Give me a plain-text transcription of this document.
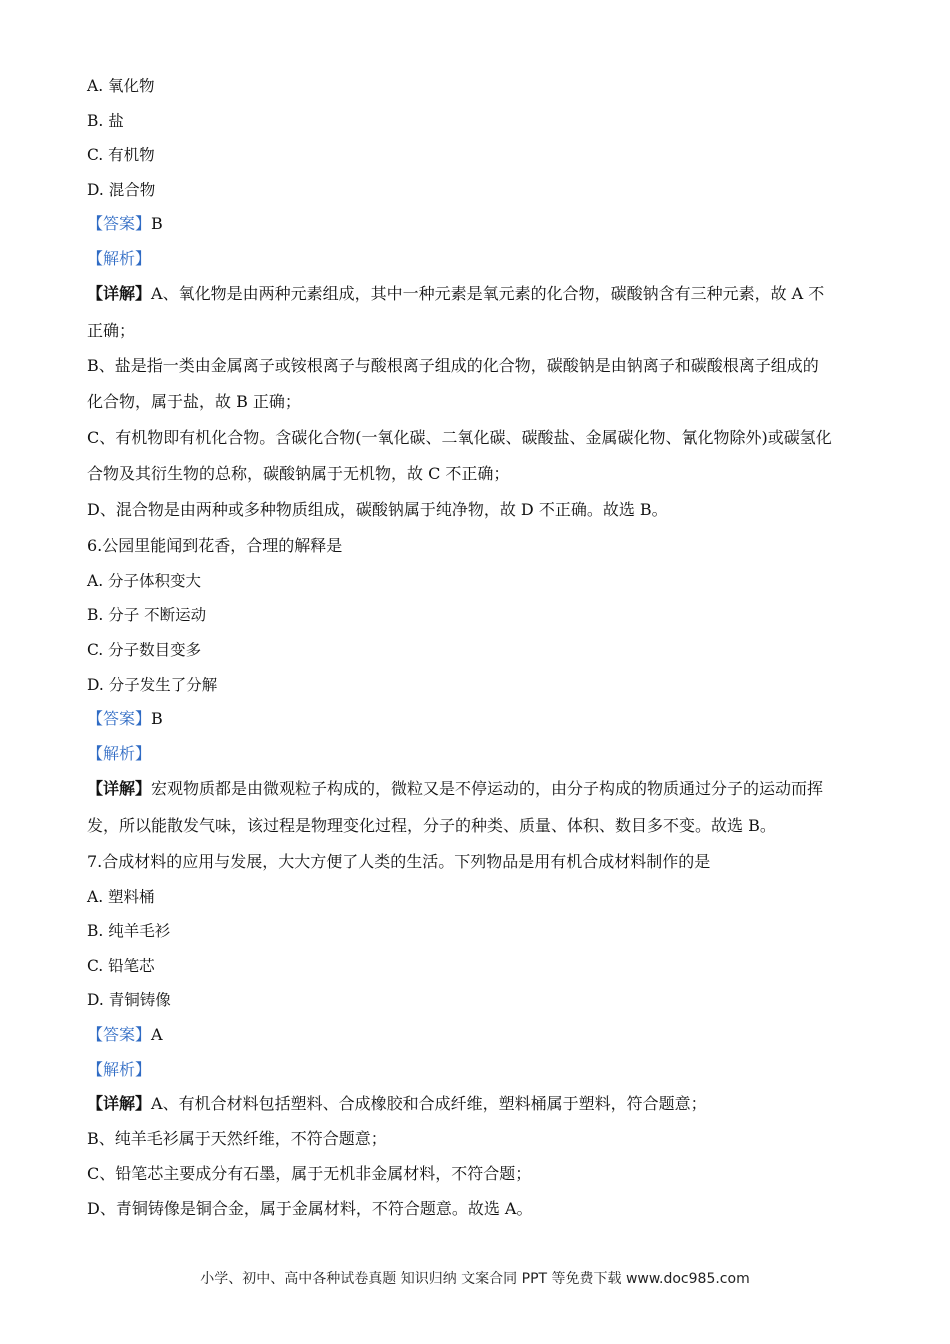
A. 氧化物
B. 盐
C. 有机物
D. 混合物
【答案】B
【解析】
【详解】A、氧化物是由两种元素组成，其中一种元素是氧元素的化合物，碳酸钠含有三种元素，故 A 不
正确；
B、盐是指一类由金属离子或铵根离子与酸根离子组成的化合物，碳酸钠是由钠离子和碳酸根离子组成的
化合物，属于盐，故 B 正确；
C、有机物即有机化合物。含碳化合物(一氧化碳、二氧化碳、碳酸盐、金属碳化物、氰化物除外)或碳氢化
合物及其衍生物的总称，碳酸钠属于无机物，故 C 不正确；
D、混合物是由两种或多种物质组成，碳酸钠属于纯净物，故 D 不正确。故选 B。
6.公园里能闻到花香，合理的解释是
A. 分子体积变大
B. 分子 不断运动
C. 分子数目变多
D. 分子发生了分解
【答案】B
【解析】
【详解】宏观物质都是由微观粒子构成的，微粒又是不停运动的，由分子构成的物质通过分子的运动而挥
发，所以能散发气味，该过程是物理变化过程，分子的种类、质量、体积、数目多不变。故选 B。
7.合成材料的应用与发展，大大方便了人类的生活。下列物品是用有机合成材料制作的是
A. 塑料桶
B. 纯羊毛衫
C. 铅笔芯
D. 青铜铸像
【答案】A
【解析】
【详解】A、有机合材料包括塑料、合成橡胶和合成纤维，塑料桶属于塑料，符合题意；
B、纯羊毛衫属于天然纤维，不符合题意；
C、铅笔芯主要成分有石墨，属于无机非金属材料，不符合题；
D、青铜铸像是铜合金，属于金属材料，不符合题意。故选 A。
小学、初中、高中各种试卷真题 知识归纳 文案合同 PPT 等免费下载 www.doc985.com
